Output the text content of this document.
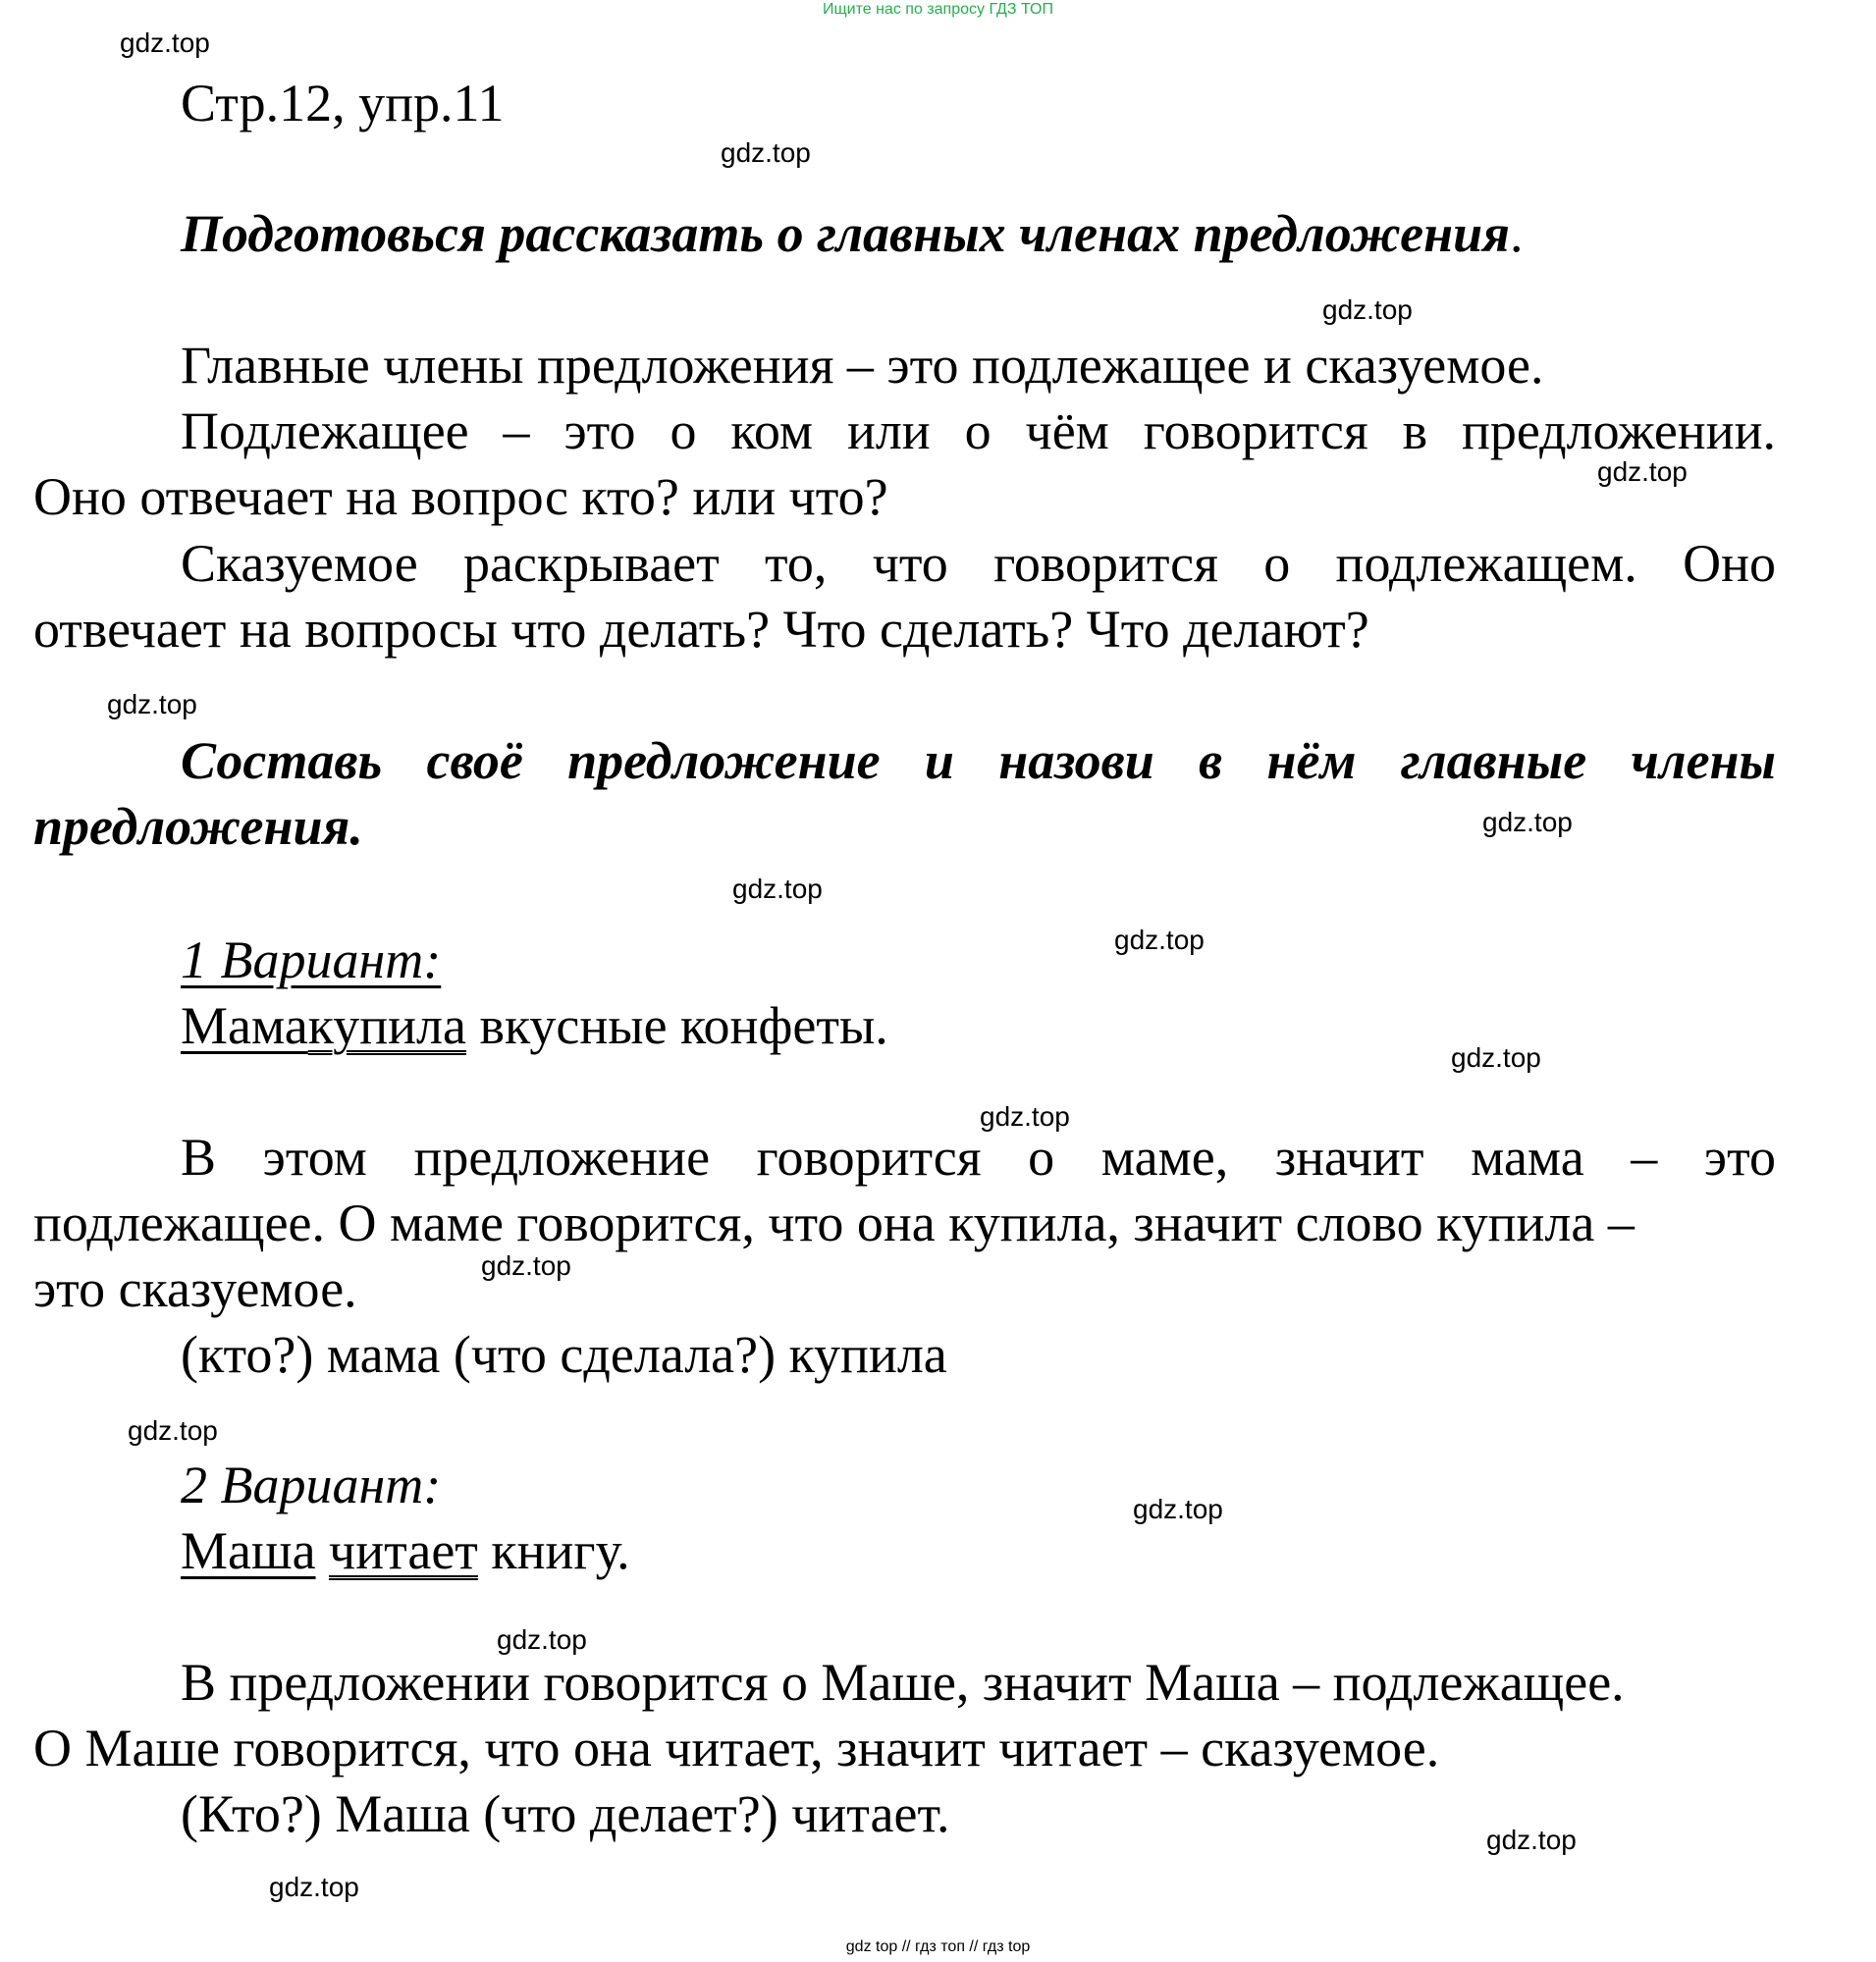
Ищите нас по запросу ГДЗ ТОП
gdz.top
gdz.top
gdz.top
gdz.top
gdz.top
gdz.top
gdz.top
gdz.top
gdz.top
gdz.top
gdz.top
gdz.top
gdz.top
gdz.top
gdz.top
gdz.top
Стр.12, упр.11
Подготовься рассказать о главных членах предложения.
Главные члены предложения – это подлежащее и сказуемое.
Подлежащее – это о ком или о чём говорится в предложении.
Оно отвечает на вопрос кто? или что?
Сказуемое раскрывает то, что говорится о подлежащем. Оно
отвечает на вопросы что делать? Что сделать? Что делают?
Составь своё предложение и назови в нём главные члены
предложения.
1 Вариант:
Мамакупила вкусные конфеты.
В этом предложение говорится о маме, значит мама – это
подлежащее. О маме говорится, что она купила, значит слово купила –
это сказуемое.
(кто?) мама (что сделала?) купила
2 Вариант:
Маша читает книгу.
В предложении говорится о Маше, значит Маша – подлежащее.
О Маше говорится, что она читает, значит читает – сказуемое.
(Кто?) Маша (что делает?) читает.
gdz top // гдз топ // гдз top
